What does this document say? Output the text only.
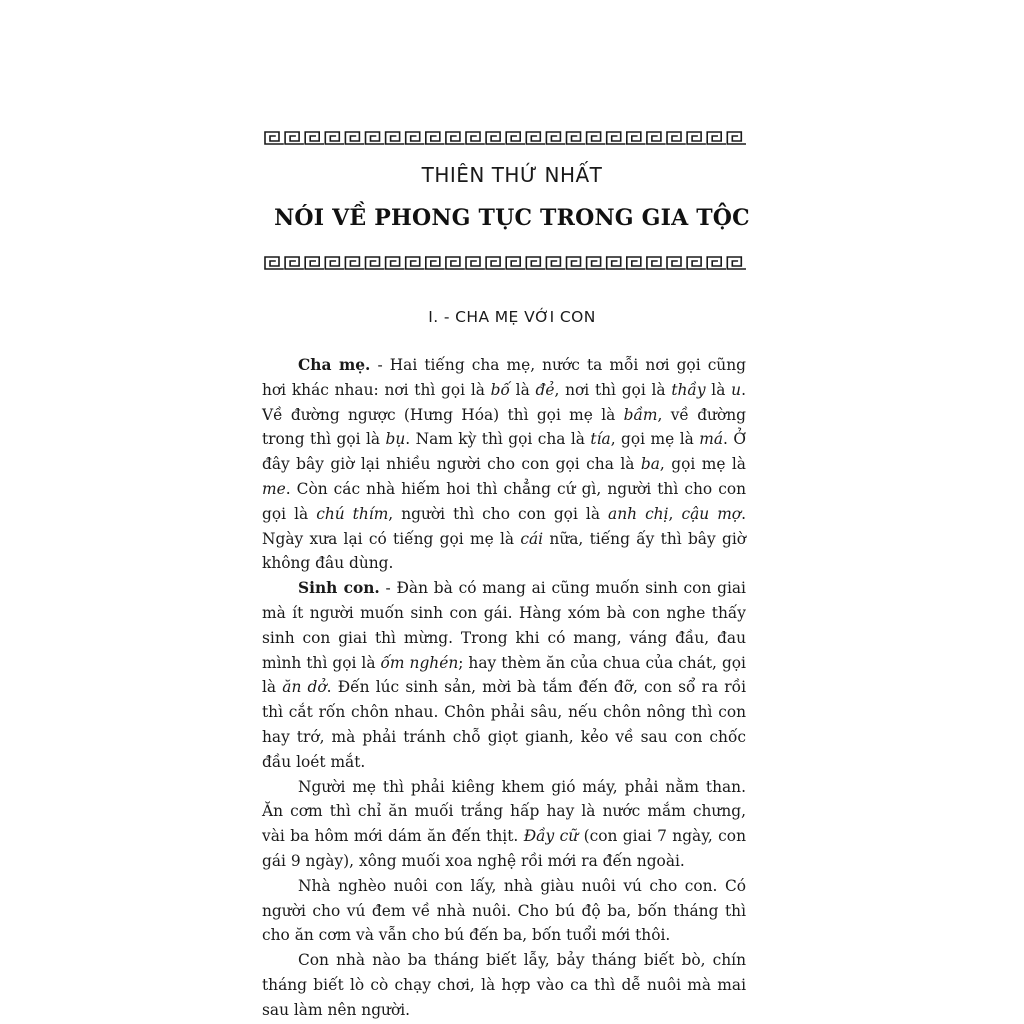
THIÊN THỨ NHẤT
NÓI VỀ PHONG TỤC TRONG GIA TỘC
I. - CHA MẸ VỚI CON

Cha mẹ. - Hai tiếng cha mẹ, nước ta mỗi nơi gọi cũng hơi khác nhau: nơi thì gọi là bố là đẻ, nơi thì gọi là thầy là u. Về đường ngược (Hưng Hóa) thì gọi mẹ là bầm, về đường trong thì gọi là bụ. Nam kỳ thì gọi cha là tía, gọi mẹ là má. Ở đây bây giờ lại nhiều người cho con gọi cha là ba, gọi mẹ là me. Còn các nhà hiếm hoi thì chẳng cứ gì, người thì cho con gọi là chú thím, người thì cho con gọi là anh chị, cậu mợ. Ngày xưa lại có tiếng gọi mẹ là cái nữa, tiếng ấy thì bây giờ không đâu dùng.

Sinh con. - Đàn bà có mang ai cũng muốn sinh con giai mà ít người muốn sinh con gái. Hàng xóm bà con nghe thấy sinh con giai thì mừng. Trong khi có mang, váng đầu, đau mình thì gọi là ốm nghén; hay thèm ăn của chua của chát, gọi là ăn dở. Đến lúc sinh sản, mời bà tắm đến đỡ, con sổ ra rồi thì cắt rốn chôn nhau. Chôn phải sâu, nếu chôn nông thì con hay trớ, mà phải tránh chỗ giọt gianh, kẻo về sau con chốc đầu loét mắt.

Người mẹ thì phải kiêng khem gió máy, phải nằm than. Ăn cơm thì chỉ ăn muối trắng hấp hay là nước mắm chưng, vài ba hôm mới dám ăn đến thịt. Đầy cữ (con giai 7 ngày, con gái 9 ngày), xông muối xoa nghệ rồi mới ra đến ngoài.

Nhà nghèo nuôi con lấy, nhà giàu nuôi vú cho con. Có người cho vú đem về nhà nuôi. Cho bú độ ba, bốn tháng thì cho ăn cơm và vẫn cho bú đến ba, bốn tuổi mới thôi.

Con nhà nào ba tháng biết lẫy, bảy tháng biết bò, chín tháng biết lò cò chạy chơi, là hợp vào ca thì dễ nuôi mà mai sau làm nên người.
